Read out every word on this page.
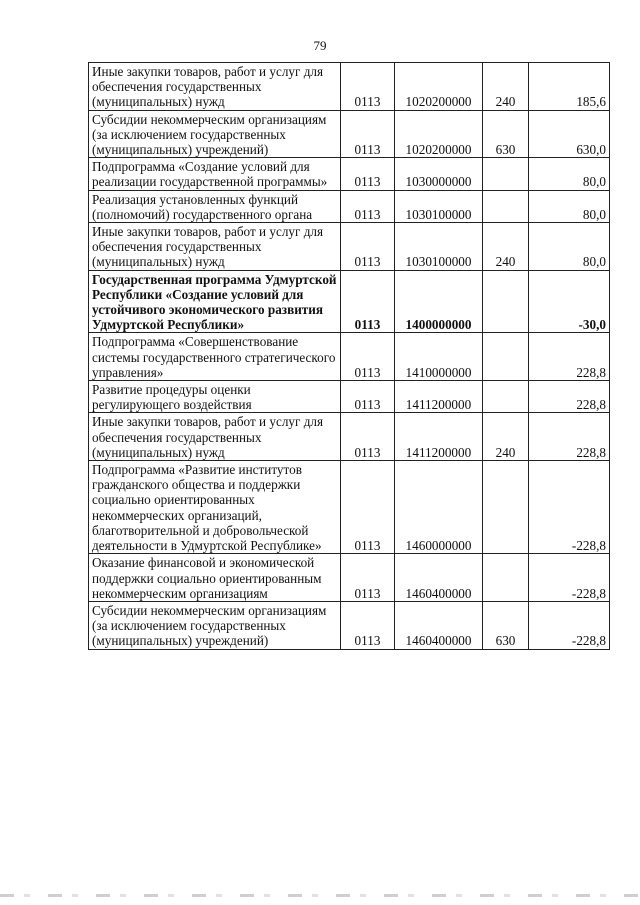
79
Иные закупки товаров, работ и услуг для обеспечения государственных (муниципальных) нужд	0113	1020200000	240	185,6
Субсидии некоммерческим организациям (за исключением государственных (муниципальных) учреждений)	0113	1020200000	630	630,0
Подпрограмма «Создание условий для реализации государственной программы»	0113	1030000000		80,0
Реализация установленных функций (полномочий) государственного органа	0113	1030100000		80,0
Иные закупки товаров, работ и услуг для обеспечения государственных (муниципальных) нужд	0113	1030100000	240	80,0
Государственная программа Удмуртской Республики «Создание условий для устойчивого экономического развития Удмуртской Республики»	0113	1400000000		-30,0
Подпрограмма «Совершенствование системы государственного стратегического управления»	0113	1410000000		228,8
Развитие процедуры оценки регулирующего воздействия	0113	1411200000		228,8
Иные закупки товаров, работ и услуг для обеспечения государственных (муниципальных) нужд	0113	1411200000	240	228,8
Подпрограмма «Развитие институтов гражданского общества и поддержки социально ориентированных некоммерческих организаций, благотворительной и добровольческой деятельности в Удмуртской Республике»	0113	1460000000		-228,8
Оказание финансовой и экономической поддержки социально ориентированным некоммерческим организациям	0113	1460400000		-228,8
Субсидии некоммерческим организациям (за исключением государственных (муниципальных) учреждений)	0113	1460400000	630	-228,8
